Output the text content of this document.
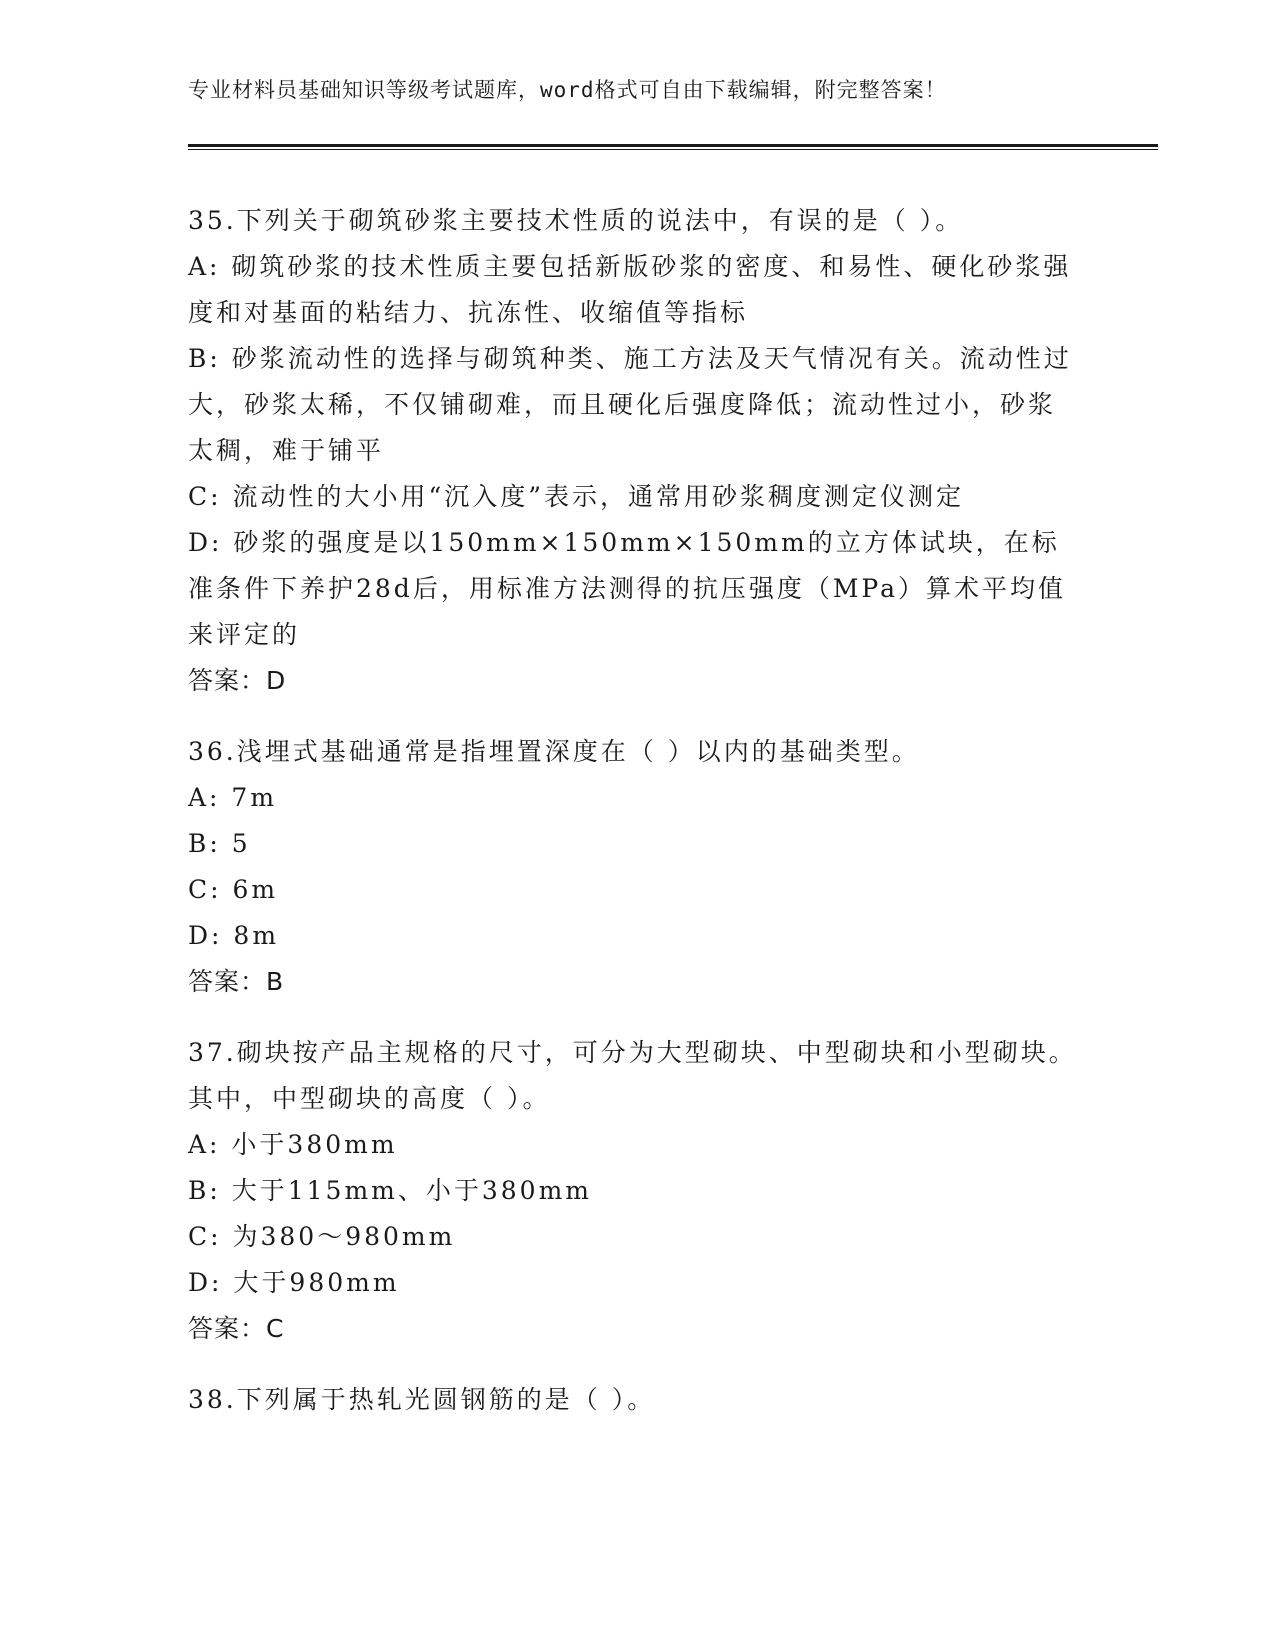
专业材料员基础知识等级考试题库，word格式可自由下载编辑，附完整答案！

35.下列关于砌筑砂浆主要技术性质的说法中，有误的是（ ）。

A: 砌筑砂浆的技术性质主要包括新版砂浆的密度、和易性、硬化砂浆强度和对基面的粘结力、抗冻性、收缩值等指标

B: 砂浆流动性的选择与砌筑种类、施工方法及天气情况有关。流动性过大，砂浆太稀，不仅铺砌难，而且硬化后强度降低；流动性过小，砂浆太稠，难于铺平

C: 流动性的大小用“沉入度”表示，通常用砂浆稠度测定仪测定

D: 砂浆的强度是以150mm×150mm×150mm的立方体试块，在标准条件下养护28d后，用标准方法测得的抗压强度（MPa）算术平均值来评定的

答案：D

36.浅埋式基础通常是指埋置深度在（ ）以内的基础类型。

A: 7m

B: 5

C: 6m

D: 8m

答案：B

37.砌块按产品主规格的尺寸，可分为大型砌块、中型砌块和小型砌块。其中，中型砌块的高度（ ）。

A: 小于380mm

B: 大于115mm、小于380mm

C: 为380～980mm

D: 大于980mm

答案：C

38.下列属于热轧光圆钢筋的是（ ）。
